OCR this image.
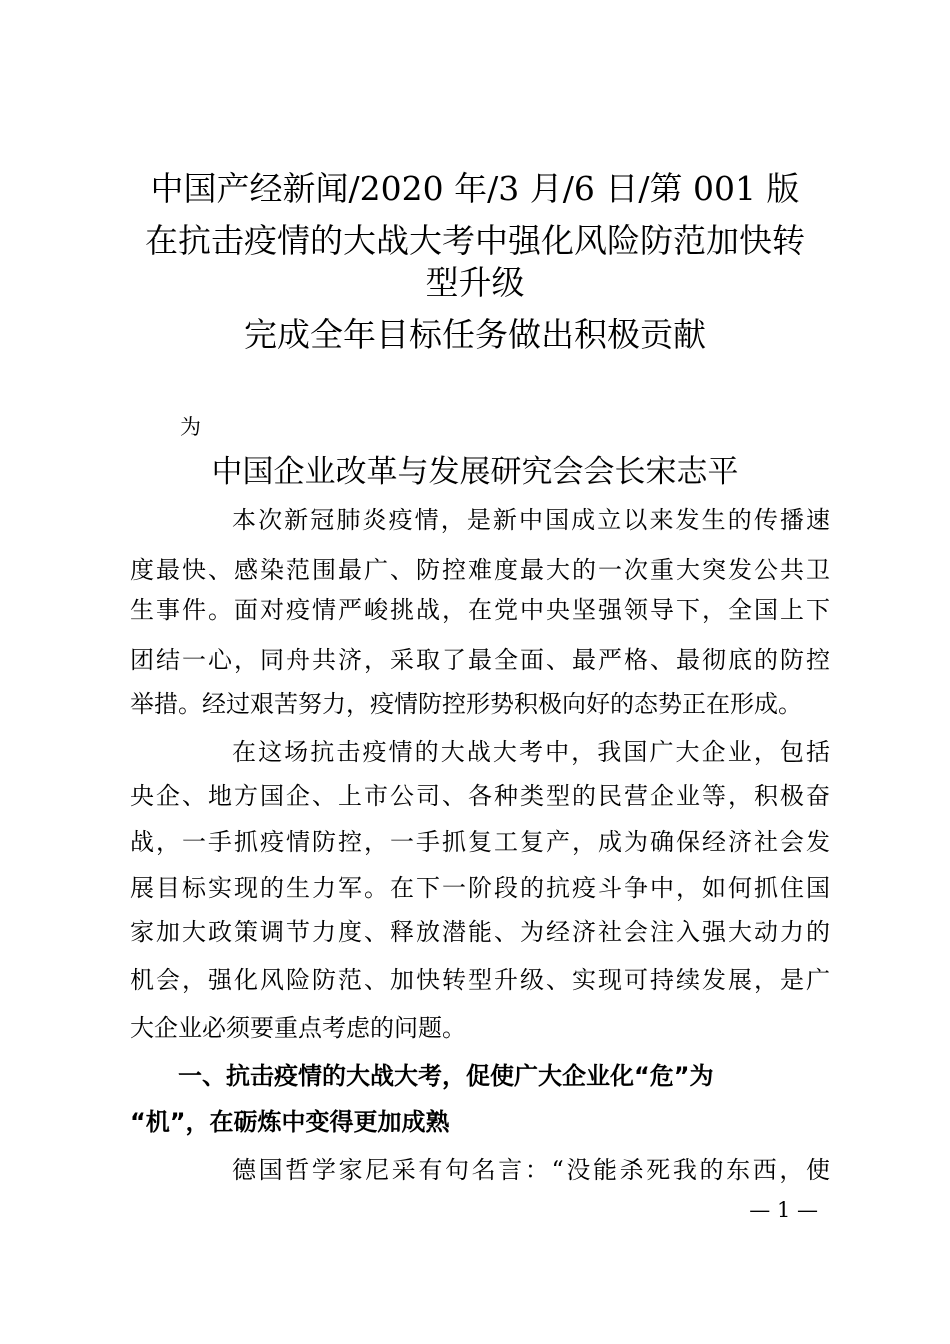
中国产经新闻/2020 年/3 月/6 日/第 001 版
在抗击疫情的大战大考中强化风险防范加快转
型升级
完成全年目标任务做出积极贡献
为
中国企业改革与发展研究会会长宋志平
本次新冠肺炎疫情，是新中国成立以来发生的传播速
度最快、感染范围最广、防控难度最大的一次重大突发公共卫
生事件。面对疫情严峻挑战，在党中央坚强领导下，全国上下
团结一心，同舟共济，采取了最全面、最严格、最彻底的防控
举措。经过艰苦努力，疫情防控形势积极向好的态势正在形成。
在这场抗击疫情的大战大考中，我国广大企业，包括
央企、地方国企、上市公司、各种类型的民营企业等，积极奋
战，一手抓疫情防控，一手抓复工复产，成为确保经济社会发
展目标实现的生力军。在下一阶段的抗疫斗争中，如何抓住国
家加大政策调节力度、释放潜能、为经济社会注入强大动力的
机会，强化风险防范、加快转型升级、实现可持续发展，是广
大企业必须要重点考虑的问题。
一、抗击疫情的大战大考，促使广大企业化“危”为
“机”，在砺炼中变得更加成熟
德国哲学家尼采有句名言：“没能杀死我的东西，使
— 1 —
